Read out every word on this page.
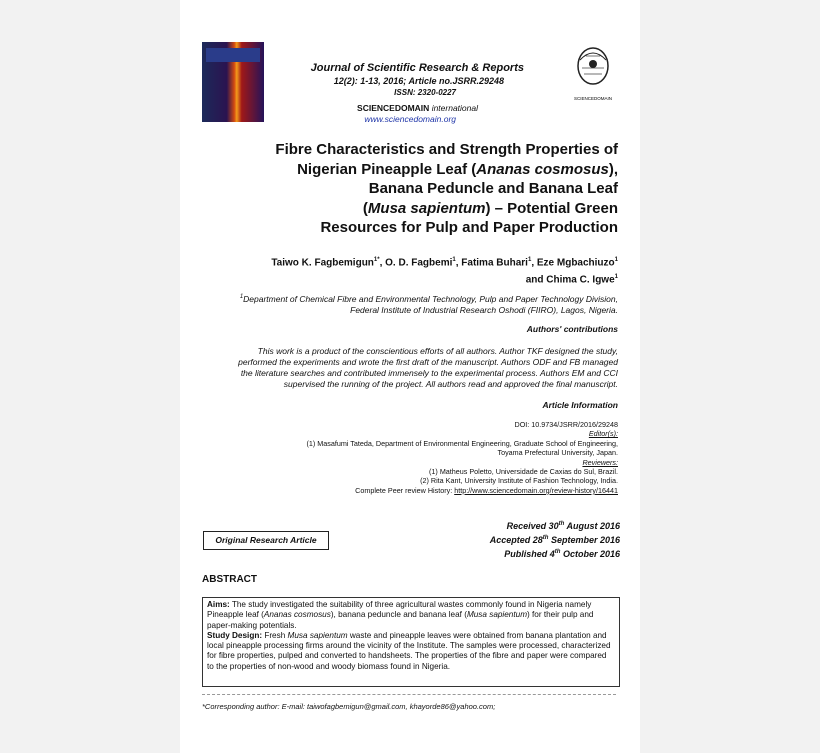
SCIENCEDOMAIN
Journal of Scientific Research & Reports
12(2): 1-13, 2016; Article no.JSRR.29248
ISSN: 2320-0227
SCIENCEDOMAIN international
www.sciencedomain.org
Fibre Characteristics and Strength Properties of
Nigerian Pineapple Leaf (Ananas cosmosus),
Banana Peduncle and Banana Leaf
(Musa sapientum) – Potential Green
Resources for Pulp and Paper Production
Taiwo K. Fagbemigun$^{1*}$, O. D. Fagbemi$^1$, Fatima Buhari$^1$, Eze Mgbachiuzo$^1$
and Chima C. Igwe$^1$
$^1$Department of Chemical Fibre and Environmental Technology, Pulp and Paper Technology Division,
Federal Institute of Industrial Research Oshodi (FIIRO), Lagos, Nigeria.
Authors' contributions
This work is a product of the conscientious efforts of all authors. Author TKF designed the study,
performed the experiments and wrote the first draft of the manuscript. Authors ODF and FB managed
the literature searches and contributed immensely to the experimental process. Authors EM and CCI
supervised the running of the project. All authors read and approved the final manuscript.
Article Information
DOI: 10.9734/JSRR/2016/29248
Editor(s):
(1) Masafumi Tateda, Department of Environmental Engineering, Graduate School of Engineering,
Toyama Prefectural University, Japan.
Reviewers:
(1) Matheus Poletto, Universidade de Caxias do Sul, Brazil.
(2) Rita Kant, University Institute of Fashion Technology, India.
Complete Peer review History: http://www.sciencedomain.org/review-history/16441
Received 30th August 2016
Accepted 28th September 2016
Published 4th October 2016
Original Research Article
ABSTRACT

Aims: The study investigated the suitability of three agricultural wastes commonly found in Nigeria namely Pineapple leaf (Ananas cosmosus), banana peduncle and banana leaf (Musa sapientum) for their pulp and paper-making potentials.

Study Design: Fresh Musa sapientum waste and pineapple leaves were obtained from banana plantation and local pineapple processing firms around the vicinity of the Institute. The samples were processed, characterized for fibre properties, pulped and converted to handsheets. The properties of the fibre and paper were compared to the properties of non-wood and woody biomass found in Nigeria.

*Corresponding author: E-mail: taiwofagbemigun@gmail.com, khayorde86@yahoo.com;
